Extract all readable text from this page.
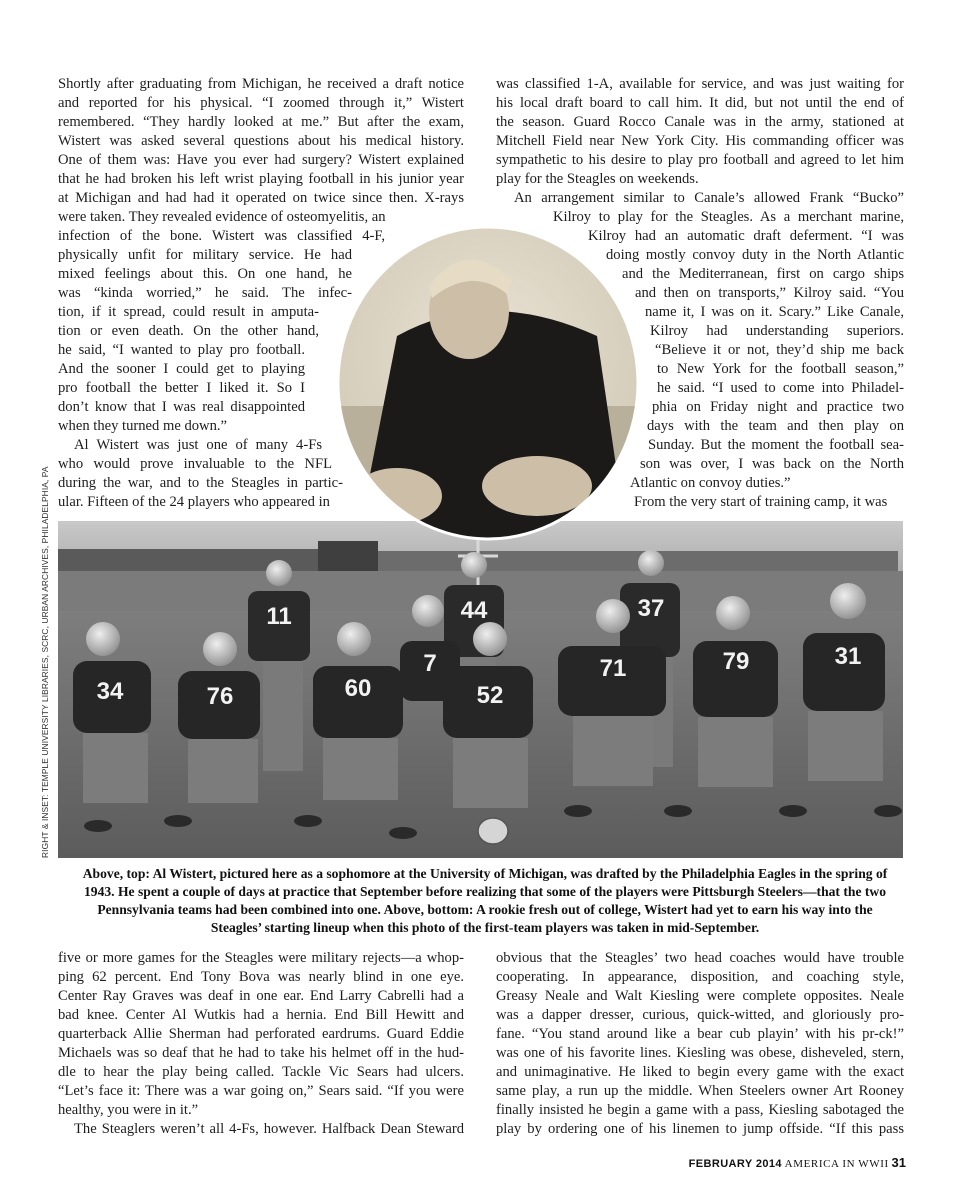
11	44	37
34	76	60
7
52
71	79	31
Shortly after graduating from Michigan, he received a draft notice
and reported for his physical. “I zoomed through it,” Wistert
remembered. “They hardly looked at me.” But after the exam,
Wistert was asked several questions about his medical history.
One of them was: Have you ever had surgery? Wistert explained
that he had broken his left wrist playing football in his junior year
at Michigan and had had it operated on twice since then. X-rays
were taken. They revealed evidence of osteomyelitis, an
infection of the bone. Wistert was classified 4-F,
physically unfit for military service. He had
mixed feelings about this. On one hand, he
was “kinda worried,” he said. The infec-
tion, if it spread, could result in amputa-
tion or even death. On the other hand,
he said, “I wanted to play pro football.
And the sooner I could get to playing
pro football the better I liked it. So I
don’t know that I was real disappointed
when they turned me down.”
Al Wistert was just one of many 4-Fs
who would prove invaluable to the NFL
during the war, and to the Steagles in partic-
ular. Fifteen of the 24 players who appeared in
was classified 1-A, available for service, and was just waiting for
his local draft board to call him. It did, but not until the end of
the season. Guard Rocco Canale was in the army, stationed at
Mitchell Field near New York City. His commanding officer was
sympathetic to his desire to play pro football and agreed to let him
play for the Steagles on weekends.
An arrangement similar to Canale’s allowed Frank “Bucko”
Kilroy to play for the Steagles. As a merchant marine,
Kilroy had an automatic draft deferment. “I was
doing mostly convoy duty in the North Atlantic
and the Mediterranean, first on cargo ships
and then on transports,” Kilroy said. “You
name it, I was on it. Scary.” Like Canale,
Kilroy had understanding superiors.
“Believe it or not, they’d ship me back
to New York for the football season,”
he said. “I used to come into Philadel-
phia on Friday night and practice two
days with the team and then play on
Sunday. But the moment the football sea-
son was over, I was back on the North
Atlantic on convoy duties.”
From the very start of training camp, it was
five or more games for the Steagles were military rejects—a whop-
ping 62 percent. End Tony Bova was nearly blind in one eye.
Center Ray Graves was deaf in one ear. End Larry Cabrelli had a
bad knee. Center Al Wutkis had a hernia. End Bill Hewitt and
quarterback Allie Sherman had perforated eardrums. Guard Eddie
Michaels was so deaf that he had to take his helmet off in the hud-
dle to hear the play being called. Tackle Vic Sears had ulcers.
“Let’s face it: There was a war going on,” Sears said. “If you were
healthy, you were in it.”
The Steaglers weren’t all 4-Fs, however. Halfback Dean Steward
obvious that the Steagles’ two head coaches would have trouble
cooperating. In appearance, disposition, and coaching style,
Greasy Neale and Walt Kiesling were complete opposites. Neale
was a dapper dresser, curious, quick-witted, and gloriously pro-
fane. “You stand around like a bear cub playin’ with his pr-ck!”
was one of his favorite lines. Kiesling was obese, disheveled, stern,
and unimaginative. He liked to begin every game with the exact
same play, a run up the middle. When Steelers owner Art Rooney
finally insisted he begin a game with a pass, Kiesling sabotaged the
play by ordering one of his linemen to jump offside. “If this pass
Above, top: Al Wistert, pictured here as a sophomore at the University of Michigan, was drafted by the Philadelphia Eagles in the spring of
1943. He spent a couple of days at practice that September before realizing that some of the players were Pittsburgh Steelers—that the two
Pennsylvania teams had been combined into one. Above, bottom: A rookie fresh out of college, Wistert had yet to earn his way into the
Steagles’ starting lineup when this photo of the first-team players was taken in mid-September.
RIGHT & INSET: TEMPLE UNIVERSITY LIBRARIES, SCRC, URBAN ARCHIVES, PHILADELPHIA, PA
FEBRUARY 2014 AMERICA IN WWII 31
